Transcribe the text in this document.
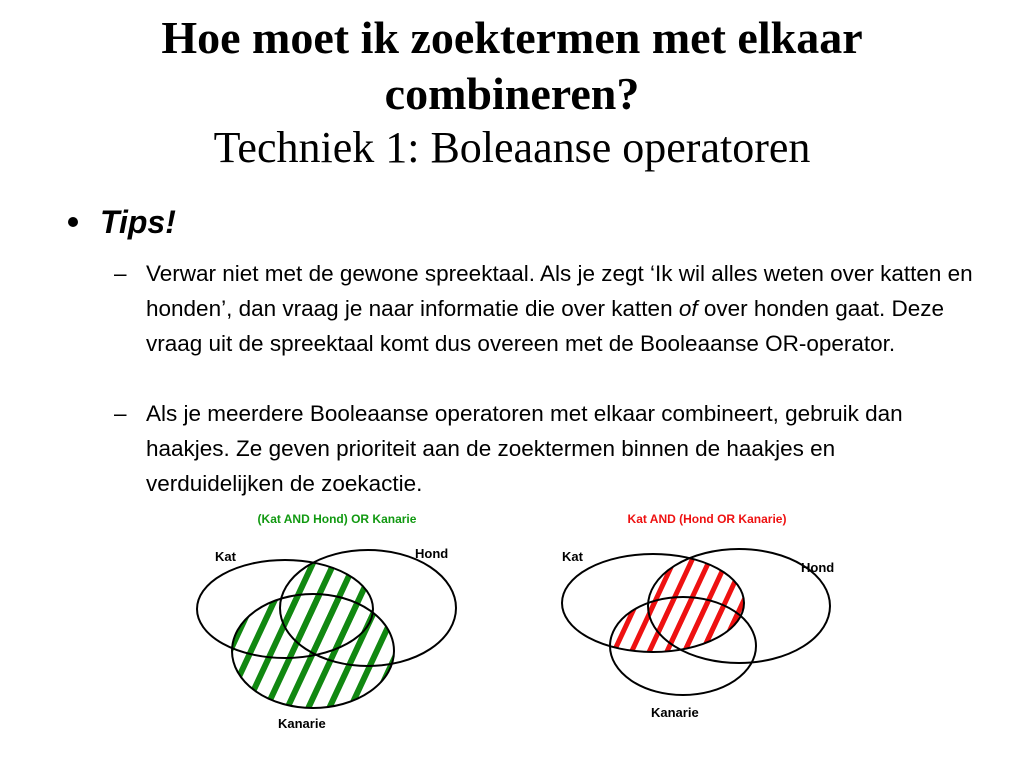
Hoe moet ik zoektermen met elkaar combineren?
Techniek 1: Boleaanse operatoren
Tips!
– Verwar niet met de gewone spreektaal. Als je zegt ‘Ik wil alles weten over katten en honden’, dan vraag je naar informatie die over katten of over honden gaat. Deze vraag uit de spreektaal komt dus overeen met de Booleaanse OR-operator.
– Als je meerdere Booleaanse operatoren met elkaar combineert, gebruik dan haakjes. Ze geven prioriteit aan de zoektermen binnen de haakjes en verduidelijken de zoekactie.
(Kat AND Hond) OR Kanarie
Kat	Hond
Kanarie
Kat AND (Hond OR Kanarie)
Kat
Hond
Kanarie
